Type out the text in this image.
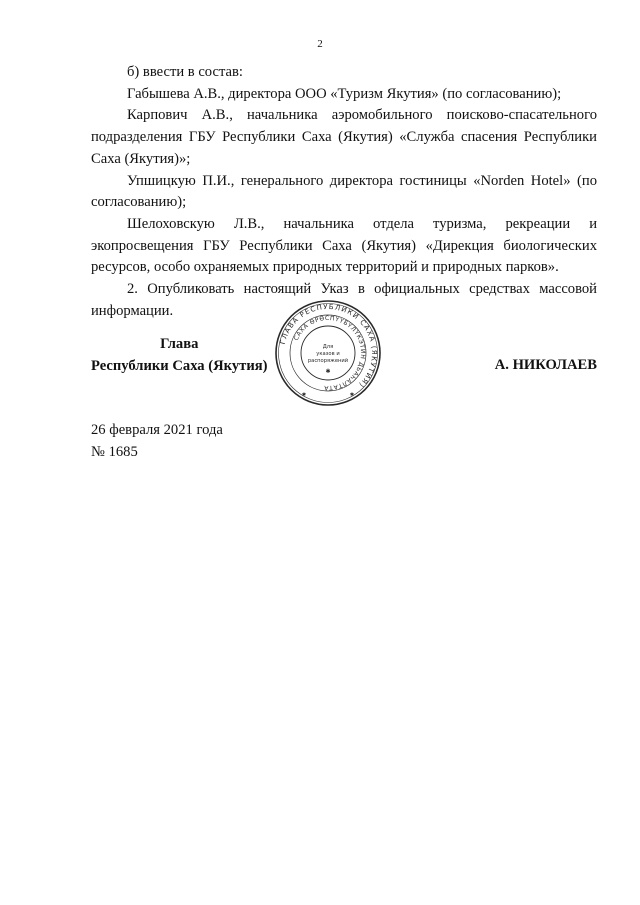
2

б) ввести в состав:

Габышева А.В., директора ООО «Туризм Якутия» (по согласованию);

Карпович А.В., начальника аэромобильного поисково-спасательного подразделения ГБУ Республики Саха (Якутия) «Служба спасения Республики Саха (Якутия)»;

Упшицкую П.И., генерального директора гостиницы «Norden Hotel» (по согласованию);

Шелоховскую Л.В., начальника отдела туризма, рекреации и экопросвещения ГБУ Республики Саха (Якутия) «Дирекция биологических ресурсов, особо охраняемых природных территорий и природных парков».

2. Опубликовать настоящий Указ в официальных средствах массовой информации.

Глава
Республики Саха (Якутия)
ГЛАВА РЕСПУБЛИКИ САХА (ЯКУТИЯ)
САХА ӨРӨСПҮҮБҮЛҮКЭТИН ДЬАҺАЛТАТА
Для
указов и
распоряжений
✱
✱	✱
А. НИКОЛАЕВ
26 февраля 2021 года
№ 1685
